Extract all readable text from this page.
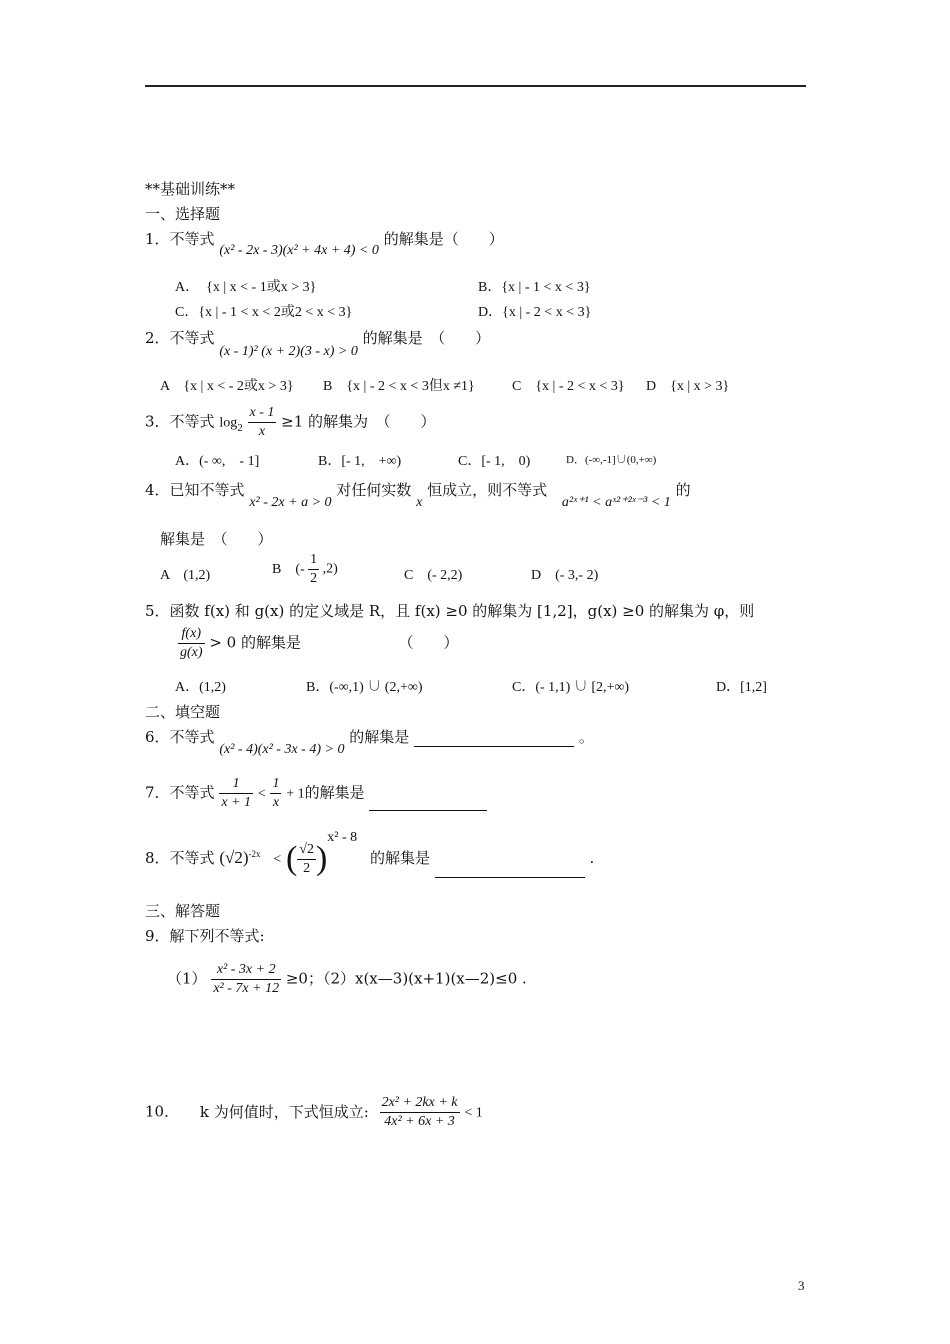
**基础训练**
一、选择题
1．不等式 (x² - 2x - 3)(x² + 4x + 4) < 0 的解集是（　　）
A．　{x | x < - 1或x > 3}	B．{x | - 1 < x < 3}
C．{x | - 1 < x < 2或2 < x < 3}	D．{x | - 2 < x < 3}
2．不等式 (x - 1)² (x + 2)(3 - x) > 0 的解集是　（　　）
A　{x | x < - 2或x > 3} B　{x | - 2 < x < 3但x ≠1}	C　{x | - 2 < x < 3} D　{x | x > 3}
3．不等式 $\log_2 \frac{x - 1}{x} \ge 1$ 的解集为　（　　）
A．(- ∞,　- 1]	B．[- 1,　+∞)	C．[- 1,　0)	D．(-∞,-1]∪(0,+∞)
4．已知不等式 x² - 2x + a > 0 对任何实数 x 恒成立，则不等式 a²ˣ⁺¹ < aˣ²⁺²ˣ⁻³ < 1 的
解集是　（　　）
A　(1,2)	B　(- $\frac{1}{2} ,2$)	C　(- 2,2)	D　(- 3,- 2)
5．函数 f(x) 和 g(x) 的定义域是 R，且 f(x) ≥0 的解集为 [1,2]，g(x) ≥0 的解集为 φ，则
$\frac{f(x)}{g(x)} > 0$ 的解集是　　　　　　　（　　）
A．(1,2)	B．(-∞,1) ∪ (2,+∞)	C．(- 1,1) ∪ [2,+∞)	D．[1,2]
二、填空题
6．不等式 (x² - 4)(x² - 3x - 4) > 0 的解集是	。
7．不等式 $\frac{1}{x + 1} < \frac{1}{x} + 1$的解集是
8．不等式 $(√2)^{-2x}$ < ( $\frac{√2}{2} )^{x^2 - 8}$ 的解集是	.
三、解答题
9．解下列不等式:
$(1) \frac{\text{x² - 3x + 2}}{\text{x² - 7x + 12}} \ge 0$；（2）x(x—3)(x+1)(x—2)≤0 .
10． k 为何值时，下式恒成立: $\frac{\text{2x² + 2kx + k}}{\text{4x² + 6x + 3}} < 1$
3
